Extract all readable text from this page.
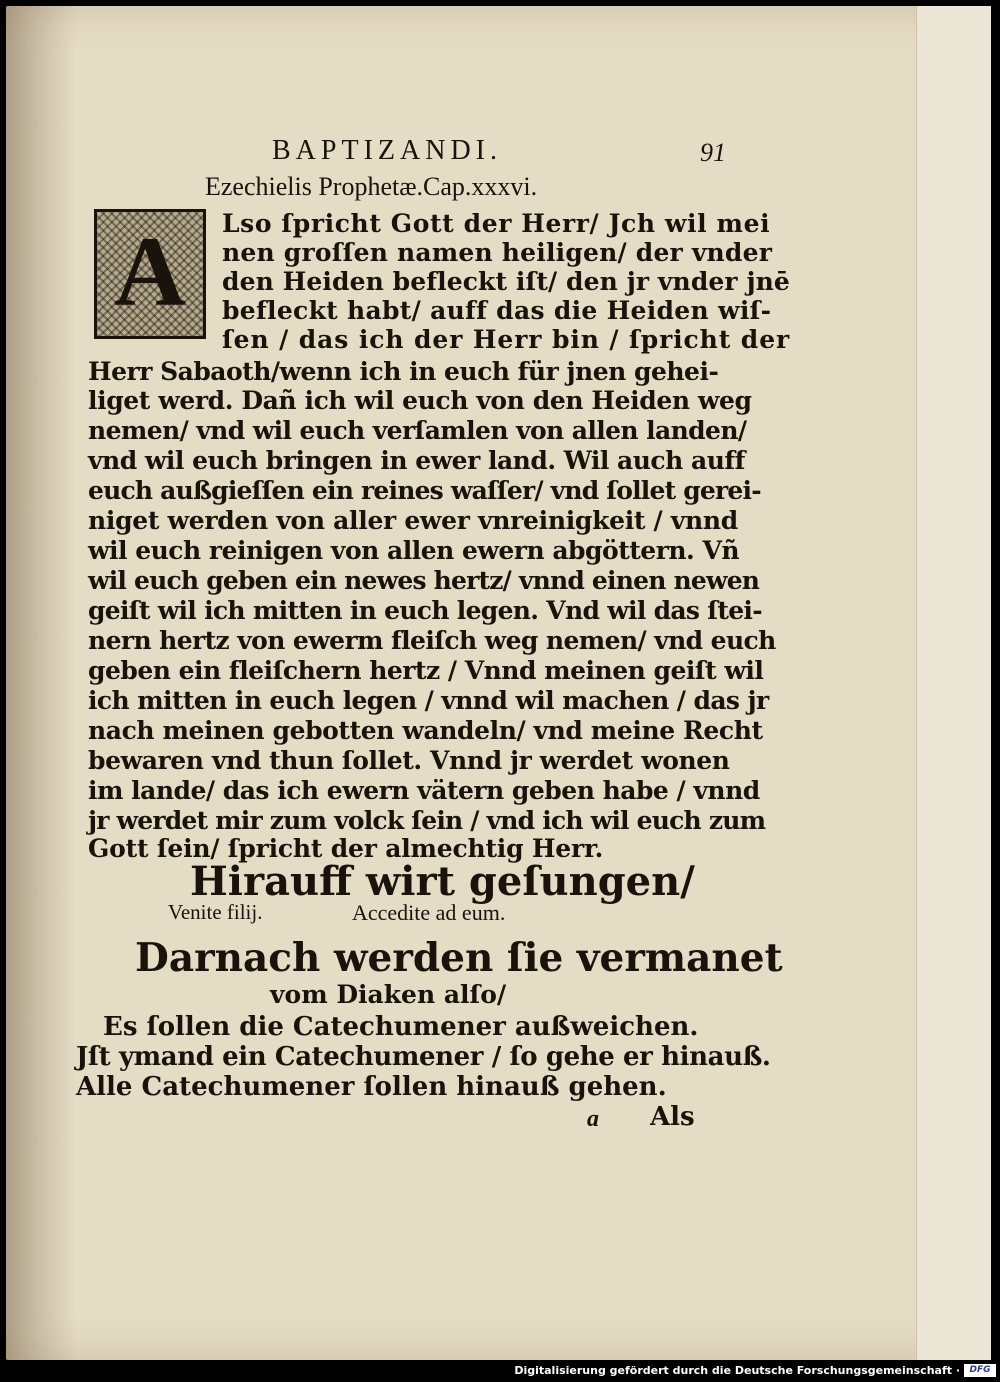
BAPTIZANDI.	91
Ezechielis Prophetæ.Cap.xxxvi.
A	Lso ſpricht Gott der Herr/ Jch wil mei
nen groſſen namen heiligen/ der vnder
den Heiden befleckt iſt/ den jr vnder jnē
befleckt habt/ auff das die Heiden wiſ-
ſen / das ich der Herr bin / ſpricht der
Herr Sabaoth/wenn ich in euch für jnen gehei-
liget werd. Dañ ich wil euch von den Heiden weg
nemen/ vnd wil euch verſamlen von allen landen/
vnd wil euch bringen in ewer land. Wil auch auff
euch außgieſſen ein reines waſſer/ vnd ſollet gerei-
niget werden von aller ewer vnreinigkeit / vnnd
wil euch reinigen von allen ewern abgöttern. Vñ
wil euch geben ein newes hertz/ vnnd einen newen
geiſt wil ich mitten in euch legen. Vnd wil das ſtei-
nern hertz von ewerm fleiſch weg nemen/ vnd euch
geben ein fleiſchern hertz / Vnnd meinen geiſt wil
ich mitten in euch legen / vnnd wil machen / das jr
nach meinen gebotten wandeln/ vnd meine Recht
bewaren vnd thun ſollet. Vnnd jr werdet wonen
im lande/ das ich ewern vätern geben habe / vnnd
jr werdet mir zum volck ſein / vnd ich wil euch zum
Gott ſein/ ſpricht der almechtig Herr.
Hirauff wirt geſungen/
Venite filij.	Accedite ad eum.
Darnach werden ſie vermanet
vom Diaken alſo/
Es ſollen die Catechumener außweichen.
Jſt ymand ein Catechumener / ſo gehe er hinauß.
Alle Catechumener ſollen hinauß gehen.
a Als
Digitalisierung gefördert durch die Deutsche Forschungsgemeinschaft ·	DFG
